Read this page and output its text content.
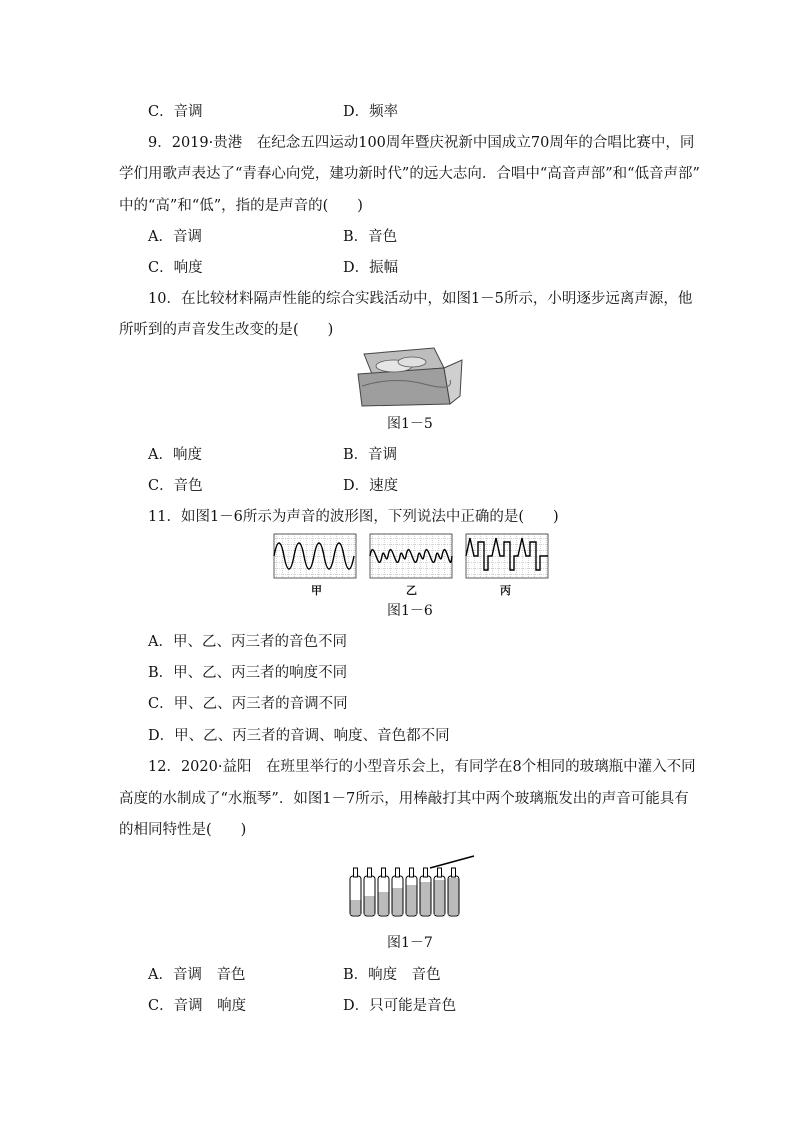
C．音调	D．频率
9．2019·贵港　在纪念五四运动100周年暨庆祝新中国成立70周年的合唱比赛中，同
学们用歌声表达了“青春心向党，建功新时代”的远大志向．合唱中“高音声部”和“低音声部”
中的“高”和“低”，指的是声音的(　　)
A．音调	B．音色
C．响度	D．振幅
10．在比较材料隔声性能的综合实践活动中，如图1－5所示，小明逐步远离声源，他
所听到的声音发生改变的是(　　)
图1－5
A．响度	B．音调
C．音色	D．速度
11．如图1－6所示为声音的波形图，下列说法中正确的是(　　)
甲	乙	丙
图1－6
A．甲、乙、丙三者的音色不同
B．甲、乙、丙三者的响度不同
C．甲、乙、丙三者的音调不同
D．甲、乙、丙三者的音调、响度、音色都不同
12．2020·益阳　在班里举行的小型音乐会上，有同学在8个相同的玻璃瓶中灌入不同
高度的水制成了“水瓶琴”．如图1－7所示，用棒敲打其中两个玻璃瓶发出的声音可能具有
的相同特性是(　　)
图1－7
A．音调　音色	B．响度　音色
C．音调　响度	D．只可能是音色
